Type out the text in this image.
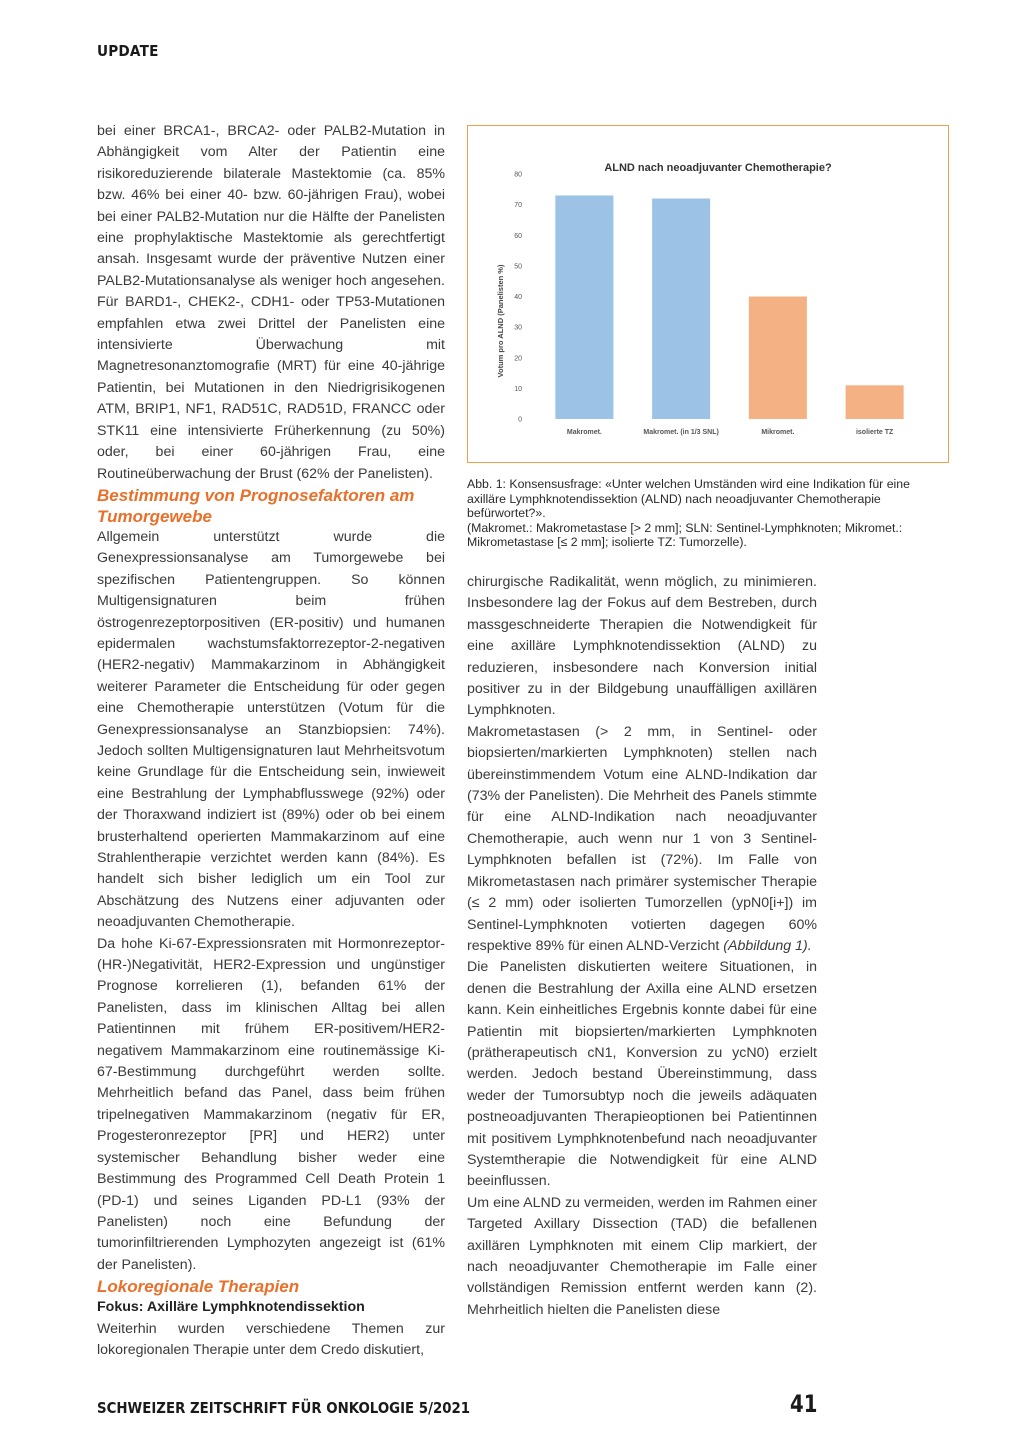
UPDATE

bei einer BRCA1-, BRCA2- oder PALB2-Mutation in Abhängigkeit vom Alter der Patientin eine risikoreduzierende bilaterale Mastektomie (ca. 85% bzw. 46% bei einer 40- bzw. 60-jährigen Frau), wobei bei einer PALB2-Mutation nur die Hälfte der Panelisten eine prophylaktische Mastektomie als gerechtfertigt ansah. Insgesamt wurde der präventive Nutzen einer PALB2-Mutationsanalyse als weniger hoch angesehen. Für BARD1-, CHEK2-, CDH1- oder TP53-Mutationen empfahlen etwa zwei Drittel der Panelisten eine intensivierte Überwachung mit Magnetresonanztomografie (MRT) für eine 40-jährige Patientin, bei Mutationen in den Niedrigrisikogenen ATM, BRIP1, NF1, RAD51C, RAD51D, FRANCC oder STK11 eine intensivierte Früherkennung (zu 50%) oder, bei einer 60-jährigen Frau, eine Routineüberwachung der Brust (62% der Panelisten).

Bestimmung von Prognosefaktoren am Tumorgewebe

Allgemein unterstützt wurde die Genexpressionsanalyse am Tumorgewebe bei spezifischen Patientengruppen. So können Multigensignaturen beim frühen östrogenrezeptorpositiven (ER-positiv) und humanen epidermalen wachstumsfaktorrezeptor-2-negativen (HER2-negativ) Mammakarzinom in Abhängigkeit weiterer Parameter die Entscheidung für oder gegen eine Chemotherapie unterstützen (Votum für die Genexpressionsanalyse an Stanzbiopsien: 74%). Jedoch sollten Multigensignaturen laut Mehrheitsvotum keine Grundlage für die Entscheidung sein, inwieweit eine Bestrahlung der Lymphabflusswege (92%) oder der Thoraxwand indiziert ist (89%) oder ob bei einem brusterhaltend operierten Mammakarzinom auf eine Strahlentherapie verzichtet werden kann (84%). Es handelt sich bisher lediglich um ein Tool zur Abschätzung des Nutzens einer adjuvanten oder neoadjuvanten Chemotherapie.

Da hohe Ki-67-Expressionsraten mit Hormonrezeptor-(HR-)Negativität, HER2-Expression und ungünstiger Prognose korrelieren (1), befanden 61% der Panelisten, dass im klinischen Alltag bei allen Patientinnen mit frühem ER-positivem/HER2-negativem Mammakarzinom eine routinemässige Ki-67-Bestimmung durchgeführt werden sollte. Mehrheitlich befand das Panel, dass beim frühen tripelnegativen Mammakarzinom (negativ für ER, Progesteronrezeptor [PR] und HER2) unter systemischer Behandlung bisher weder eine Bestimmung des Programmed Cell Death Protein 1 (PD-1) und seines Liganden PD-L1 (93% der Panelisten) noch eine Befundung der tumorinfiltrierenden Lymphozyten angezeigt ist (61% der Panelisten).

Lokoregionale Therapien

Fokus: Axilläre Lymphknotendissektion

Weiterhin wurden verschiedene Themen zur lokoregionalen Therapie unter dem Credo diskutiert,

ALND nach neoadjuvanter Chemotherapie?
Votum pro ALND (Panelisten %)
0
10
20
30
40
50
60
70
80
Makromet.	Makromet. (in 1/3 SNL)	Mikromet.	isolierte TZ

Abb. 1: Konsensusfrage: «Unter welchen Umständen wird eine Indikation für eine axilläre Lymphknotendissektion (ALND) nach neoadjuvanter Chemotherapie befürwortet?».

(Makromet.: Makrometastase [> 2 mm]; SLN: Sentinel-Lymphknoten; Mikromet.: Mikrometastase [≤ 2 mm]; isolierte TZ: Tumorzelle).

chirurgische Radikalität, wenn möglich, zu minimieren. Insbesondere lag der Fokus auf dem Bestreben, durch massgeschneiderte Therapien die Notwendigkeit für eine axilläre Lymphknotendissektion (ALND) zu reduzieren, insbesondere nach Konversion initial positiver zu in der Bildgebung unauffälligen axillären Lymphknoten.

Makrometastasen (> 2 mm, in Sentinel- oder biopsierten/markierten Lymphknoten) stellen nach übereinstimmendem Votum eine ALND-Indikation dar (73% der Panelisten). Die Mehrheit des Panels stimmte für eine ALND-Indikation nach neoadjuvanter Chemotherapie, auch wenn nur 1 von 3 Sentinel-Lymphknoten befallen ist (72%). Im Falle von Mikrometastasen nach primärer systemischer Therapie (≤ 2 mm) oder isolierten Tumorzellen (ypN0[i+]) im Sentinel-Lymphknoten votierten dagegen 60% respektive 89% für einen ALND-Verzicht (Abbildung 1).

Die Panelisten diskutierten weitere Situationen, in denen die Bestrahlung der Axilla eine ALND ersetzen kann. Kein einheitliches Ergebnis konnte dabei für eine Patientin mit biopsierten/markierten Lymphknoten (prätherapeutisch cN1, Konversion zu ycN0) erzielt werden. Jedoch bestand Übereinstimmung, dass weder der Tumorsubtyp noch die jeweils adäquaten postneoadjuvanten Therapieoptionen bei Patientinnen mit positivem Lymphknotenbefund nach neoadjuvanter Systemtherapie die Notwendigkeit für eine ALND beeinflussen.

Um eine ALND zu vermeiden, werden im Rahmen einer Targeted Axillary Dissection (TAD) die befallenen axillären Lymphknoten mit einem Clip markiert, der nach neoadjuvanter Chemotherapie im Falle einer vollständigen Remission entfernt werden kann (2). Mehrheitlich hielten die Panelisten diese

SCHWEIZER ZEITSCHRIFT FÜR ONKOLOGIE 5/2021	41
